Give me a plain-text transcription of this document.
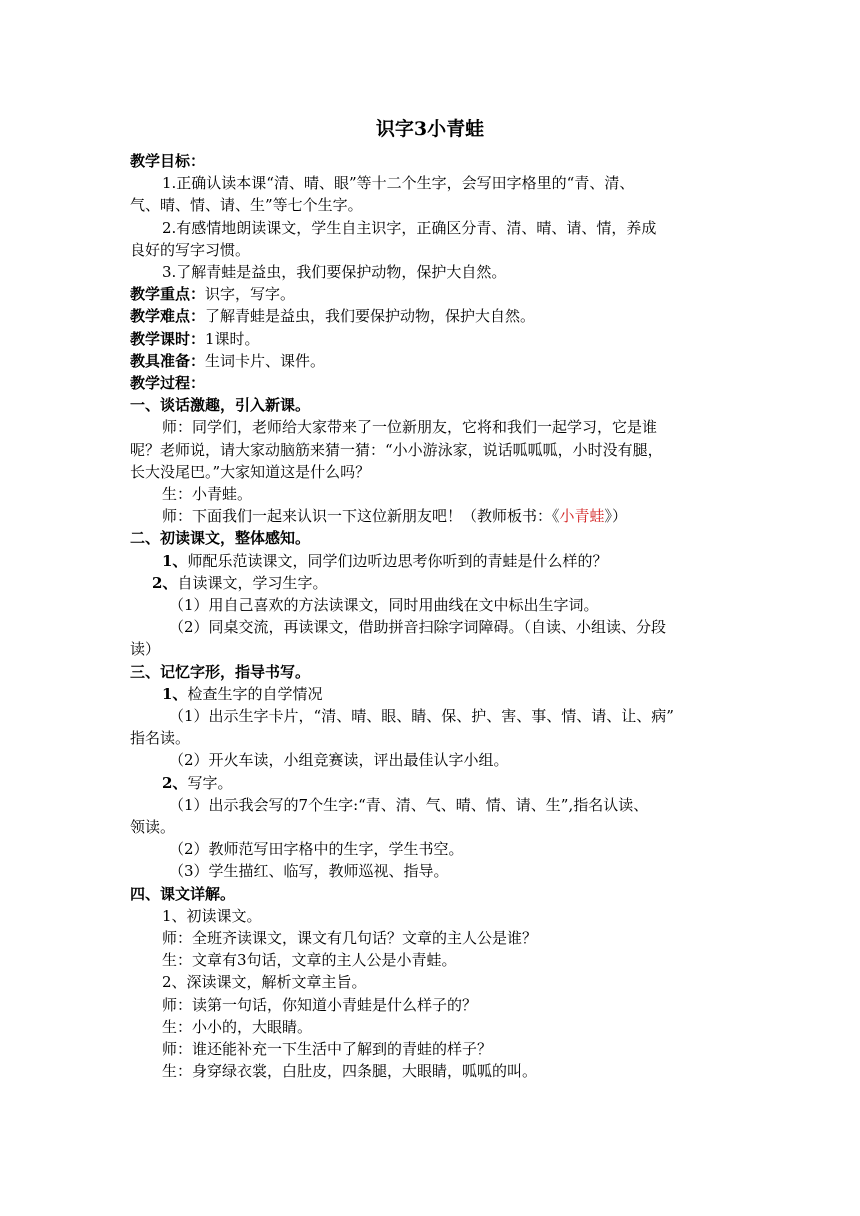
识字3小青蛙
教学目标：
1.正确认读本课“清、晴、眼”等十二个生字，会写田字格里的“青、清、
气、晴、情、请、生”等七个生字。
2.有感情地朗读课文，学生自主识字，正确区分青、清、晴、请、情，养成
良好的写字习惯。
3.了解青蛙是益虫，我们要保护动物，保护大自然。
教学重点：识字，写字。
教学难点：了解青蛙是益虫，我们要保护动物，保护大自然。
教学课时：1课时。
教具准备：生词卡片、课件。
教学过程：
一、谈话激趣，引入新课。
师：同学们，老师给大家带来了一位新朋友，它将和我们一起学习，它是谁
呢？老师说，请大家动脑筋来猜一猜：“小小游泳家，说话呱呱呱，小时没有腿，
长大没尾巴。”大家知道这是什么吗？
生：小青蛙。
师：下面我们一起来认识一下这位新朋友吧！（教师板书：《小青蛙》）
二、初读课文，整体感知。
1、师配乐范读课文，同学们边听边思考你听到的青蛙是什么样的？
2、自读课文，学习生字。
（1）用自己喜欢的方法读课文，同时用曲线在文中标出生字词。
（2）同桌交流，再读课文，借助拼音扫除字词障碍。（自读、小组读、分段
读）
三、记忆字形，指导书写。
1、检查生字的自学情况
（1）出示生字卡片，“清、晴、眼、睛、保、护、害、事、情、请、让、病”
指名读。
（2）开火车读，小组竞赛读，评出最佳认字小组。
2、写字。
（1）出示我会写的7个生字:“青、清、气、晴、情、请、生”,指名认读、
领读。
（2）教师范写田字格中的生字，学生书空。
（3）学生描红、临写，教师巡视、指导。
四、课文详解。
1、初读课文。
师：全班齐读课文，课文有几句话？文章的主人公是谁？
生：文章有3句话，文章的主人公是小青蛙。
2、深读课文，解析文章主旨。
师：读第一句话，你知道小青蛙是什么样子的？
生：小小的，大眼睛。
师：谁还能补充一下生活中了解到的青蛙的样子？
生：身穿绿衣裳，白肚皮，四条腿，大眼睛，呱呱的叫。
